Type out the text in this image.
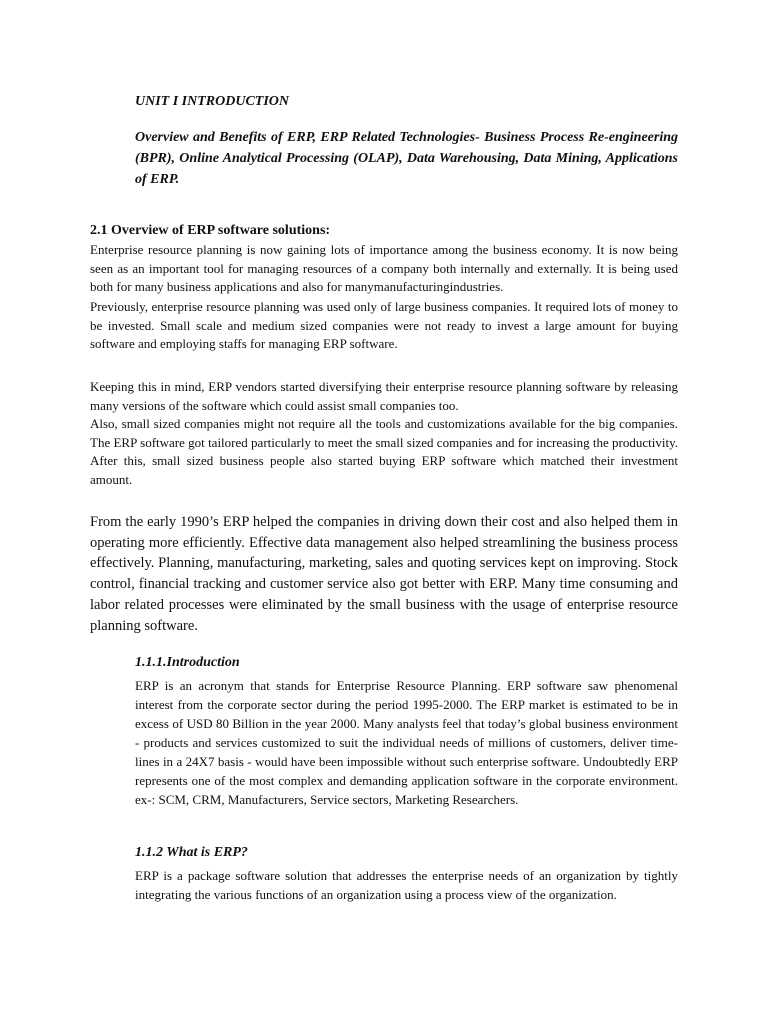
UNIT I INTRODUCTION

Overview and Benefits of ERP, ERP Related Technologies- Business Process Re-engineering (BPR), Online Analytical Processing (OLAP), Data Warehousing, Data Mining, Applications of ERP.

2.1 Overview of ERP software solutions:

Enterprise resource planning is now gaining lots of importance among the business economy. It is now being seen as an important tool for managing resources of a company both internally and externally. It is being used both for many business applications and also for manymanufacturingindustries.

Previously, enterprise resource planning was used only of large business companies. It required lots of money to be invested. Small scale and medium sized companies were not ready to invest a large amount for buying software and employing staffs for managing ERP software.

Keeping this in mind, ERP vendors started diversifying their enterprise resource planning software by releasing many versions of the software which could assist small companies too.

Also, small sized companies might not require all the tools and customizations available for the big companies. The ERP software got tailored particularly to meet the small sized companies and for increasing the productivity. After this, small sized business people also started buying ERP software which matched their investment amount.

From the early 1990’s ERP helped the companies in driving down their cost and also helped them in operating more efficiently. Effective data management also helped streamlining the business process effectively. Planning, manufacturing, marketing, sales and quoting services kept on improving. Stock control, financial tracking and customer service also got better with ERP. Many time consuming and labor related processes were eliminated by the small business with the usage of enterprise resource planning software.

1.1.1.Introduction

ERP is an acronym that stands for Enterprise Resource Planning. ERP software saw phenomenal interest from the corporate sector during the period 1995-2000. The ERP market is estimated to be in excess of USD 80 Billion in the year 2000. Many analysts feel that today’s global business environment - products and services customized to suit the individual needs of millions of customers, deliver time-lines in a 24X7 basis - would have been impossible without such enterprise software. Undoubtedly ERP represents one of the most complex and demanding application software in the corporate environment. ex-: SCM, CRM, Manufacturers, Service sectors, Marketing Researchers.

1.1.2 What is ERP?

ERP is a package software solution that addresses the enterprise needs of an organization by tightly integrating the various functions of an organization using a process view of the organization.
